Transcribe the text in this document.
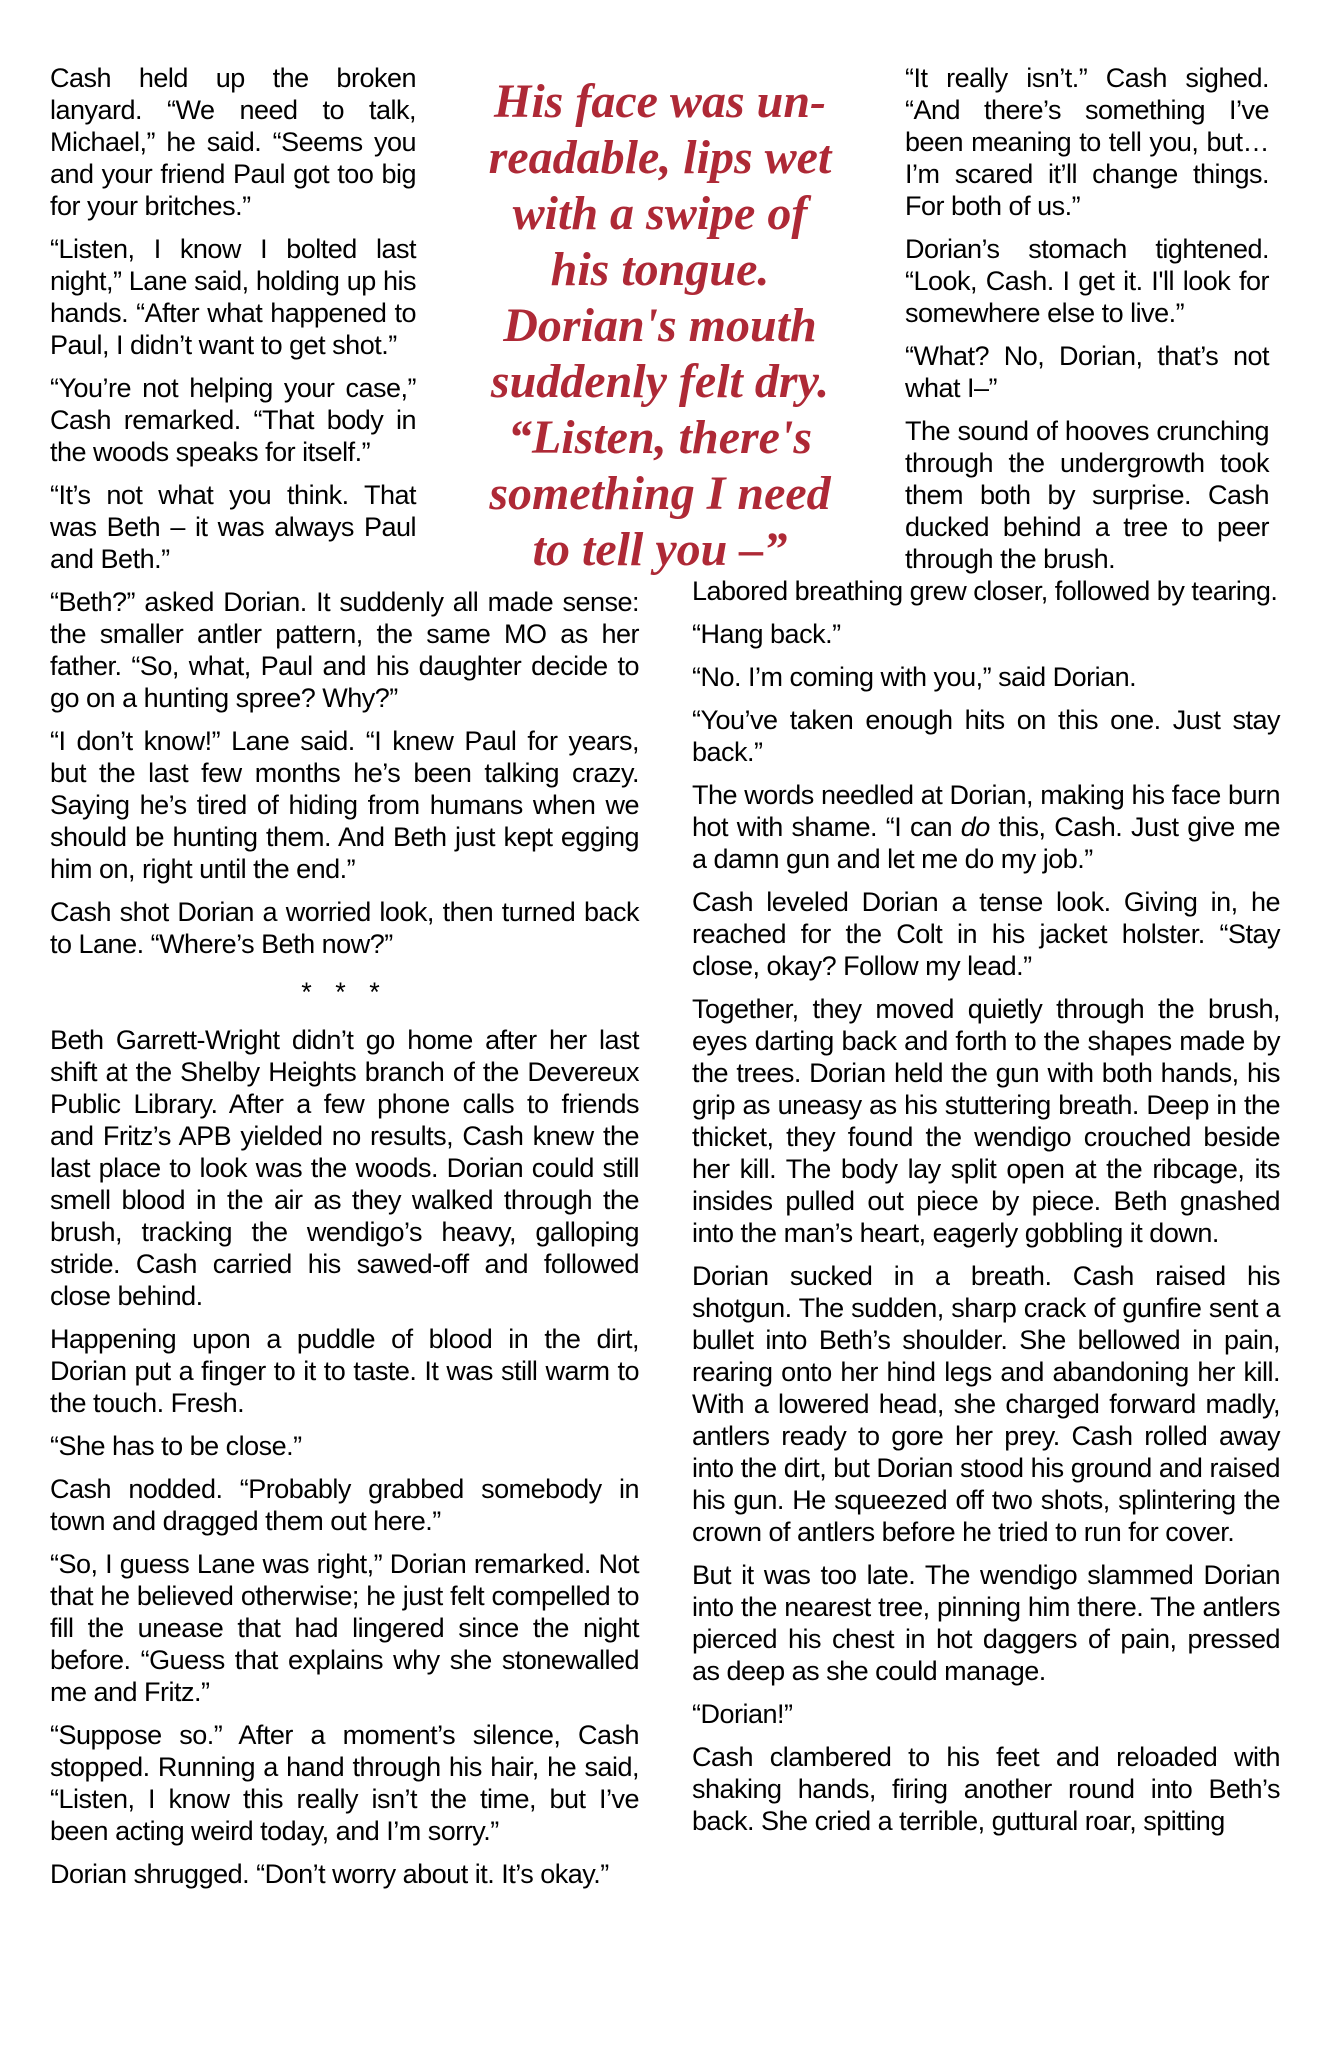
Cash held up the broken lanyard. “We need to talk, Michael,” he said. “Seems you and your friend Paul got too big for your britches.”

“Listen, I know I bolted last night,” Lane said, holding up his hands. “After what happened to Paul, I didn’t want to get shot.”

“You’re not helping your case,” Cash remarked. “That body in the woods speaks for itself.”

“It’s not what you think. That was Beth – it was always Paul and Beth.”

“Beth?” asked Dorian. It suddenly all made sense: the smaller antler pattern, the same MO as her father. “So, what, Paul and his daughter decide to go on a hunting spree? Why?”

“I don’t know!” Lane said. “I knew Paul for years, but the last few months he’s been talking crazy. Saying he’s tired of hiding from humans when we should be hunting them. And Beth just kept egging him on, right until the end.”

Cash shot Dorian a worried look, then turned back to Lane. “Where’s Beth now?”

* * *

Beth Garrett-Wright didn’t go home after her last shift at the Shelby Heights branch of the Devereux Public Library. After a few phone calls to friends and Fritz’s APB yielded no results, Cash knew the last place to look was the woods. Dorian could still smell blood in the air as they walked through the brush, tracking the wendigo’s heavy, galloping stride. Cash carried his sawed-off and followed close behind.

Happening upon a puddle of blood in the dirt, Dorian put a finger to it to taste. It was still warm to the touch. Fresh.

“She has to be close.”

Cash nodded. “Probably grabbed somebody in town and dragged them out here.”

“So, I guess Lane was right,” Dorian remarked. Not that he believed otherwise; he just felt compelled to fill the unease that had lingered since the night before. “Guess that explains why she stonewalled me and Fritz.”

“Suppose so.” After a moment’s silence, Cash stopped. Running a hand through his hair, he said, “Listen, I know this really isn’t the time, but I’ve been acting weird today, and I’m sorry.”

Dorian shrugged. “Don’t worry about it. It’s okay.”

His face was un-
readable, lips wet
with a swipe of
his tongue.
Dorian's mouth
suddenly felt dry.
“Listen, there's
something I need
to tell you –”

“It really isn’t.” Cash sighed. “And there’s something I’ve been meaning to tell you, but… I’m scared it’ll change things. For both of us.”

Dorian’s stomach tightened. “Look, Cash. I get it. I'll look for somewhere else to live.”

“What? No, Dorian, that’s not what I–”

The sound of hooves crunching through the undergrowth took them both by surprise. Cash ducked behind a tree to peer through the brush.

Labored breathing grew closer, followed by tearing.

“Hang back.”

“No. I’m coming with you,” said Dorian.

“You’ve taken enough hits on this one. Just stay back.”

The words needled at Dorian, making his face burn hot with shame. “I can do this, Cash. Just give me a damn gun and let me do my job.”

Cash leveled Dorian a tense look. Giving in, he reached for the Colt in his jacket holster. “Stay close, okay? Follow my lead.”

Together, they moved quietly through the brush, eyes darting back and forth to the shapes made by the trees. Dorian held the gun with both hands, his grip as uneasy as his stuttering breath. Deep in the thicket, they found the wendigo crouched beside her kill. The body lay split open at the ribcage, its insides pulled out piece by piece. Beth gnashed into the man’s heart, eagerly gobbling it down.

Dorian sucked in a breath. Cash raised his shotgun. The sudden, sharp crack of gunfire sent a bullet into Beth’s shoulder. She bellowed in pain, rearing onto her hind legs and abandoning her kill. With a lowered head, she charged forward madly, antlers ready to gore her prey. Cash rolled away into the dirt, but Dorian stood his ground and raised his gun. He squeezed off two shots, splintering the crown of antlers before he tried to run for cover.

But it was too late. The wendigo slammed Dorian into the nearest tree, pinning him there. The antlers pierced his chest in hot daggers of pain, pressed as deep as she could manage.

“Dorian!”

Cash clambered to his feet and reloaded with shaking hands, firing another round into Beth’s back. She cried a terrible, guttural roar, spitting
